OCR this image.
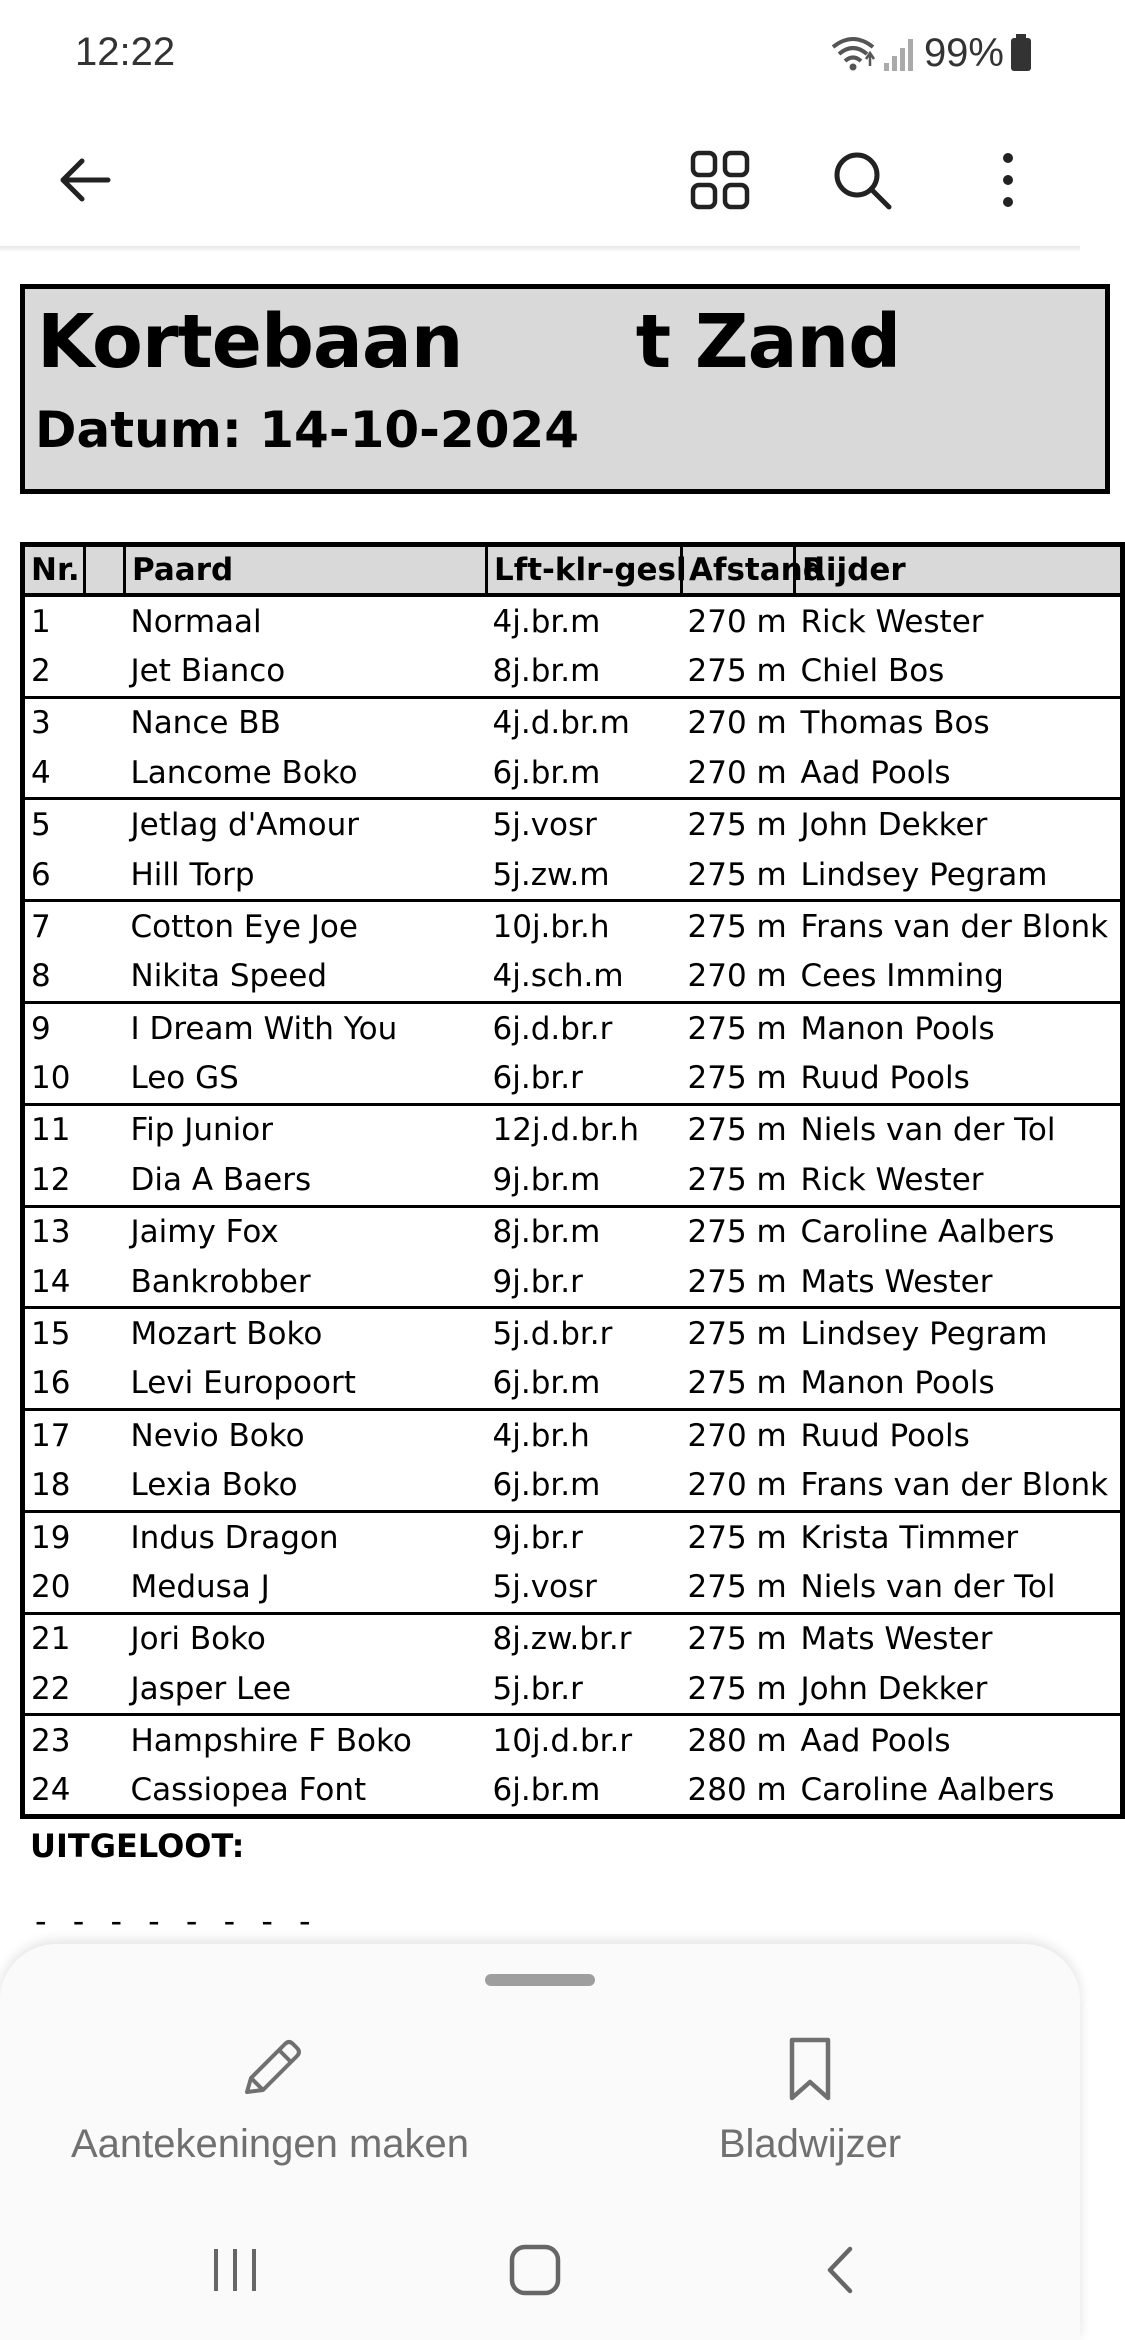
12:22	99%
Kortebaan       t Zand
Datum: 14-10-2024
Nr.		Paard	Lft-klr-gesl	Afstand	Rijder
1		Normaal	4j.br.m	270 m	Rick Wester
2		Jet Bianco	8j.br.m	275 m	Chiel Bos
3		Nance BB	4j.d.br.m	270 m	Thomas Bos
4		Lancome Boko	6j.br.m	270 m	Aad Pools
5		Jetlag d'Amour	5j.vosr	275 m	John Dekker
6		Hill Torp	5j.zw.m	275 m	Lindsey Pegram
7		Cotton Eye Joe	10j.br.h	275 m	Frans van der Blonk
8		Nikita Speed	4j.sch.m	270 m	Cees Imming
9		I Dream With You	6j.d.br.r	275 m	Manon Pools
10		Leo GS	6j.br.r	275 m	Ruud Pools
11		Fip Junior	12j.d.br.h	275 m	Niels van der Tol
12		Dia A Baers	9j.br.m	275 m	Rick Wester
13		Jaimy Fox	8j.br.m	275 m	Caroline Aalbers
14		Bankrobber	9j.br.r	275 m	Mats Wester
15		Mozart Boko	5j.d.br.r	275 m	Lindsey Pegram
16		Levi Europoort	6j.br.m	275 m	Manon Pools
17		Nevio Boko	4j.br.h	270 m	Ruud Pools
18		Lexia Boko	6j.br.m	270 m	Frans van der Blonk
19		Indus Dragon	9j.br.r	275 m	Krista Timmer
20		Medusa J	5j.vosr	275 m	Niels van der Tol
21		Jori Boko	8j.zw.br.r	275 m	Mats Wester
22		Jasper Lee	5j.br.r	275 m	John Dekker
23		Hampshire F Boko	10j.d.br.r	280 m	Aad Pools
24		Cassiopea Font	6j.br.m	280 m	Caroline Aalbers
UITGELOOT:
- - - - - - - -
Aantekeningen maken	Bladwijzer
